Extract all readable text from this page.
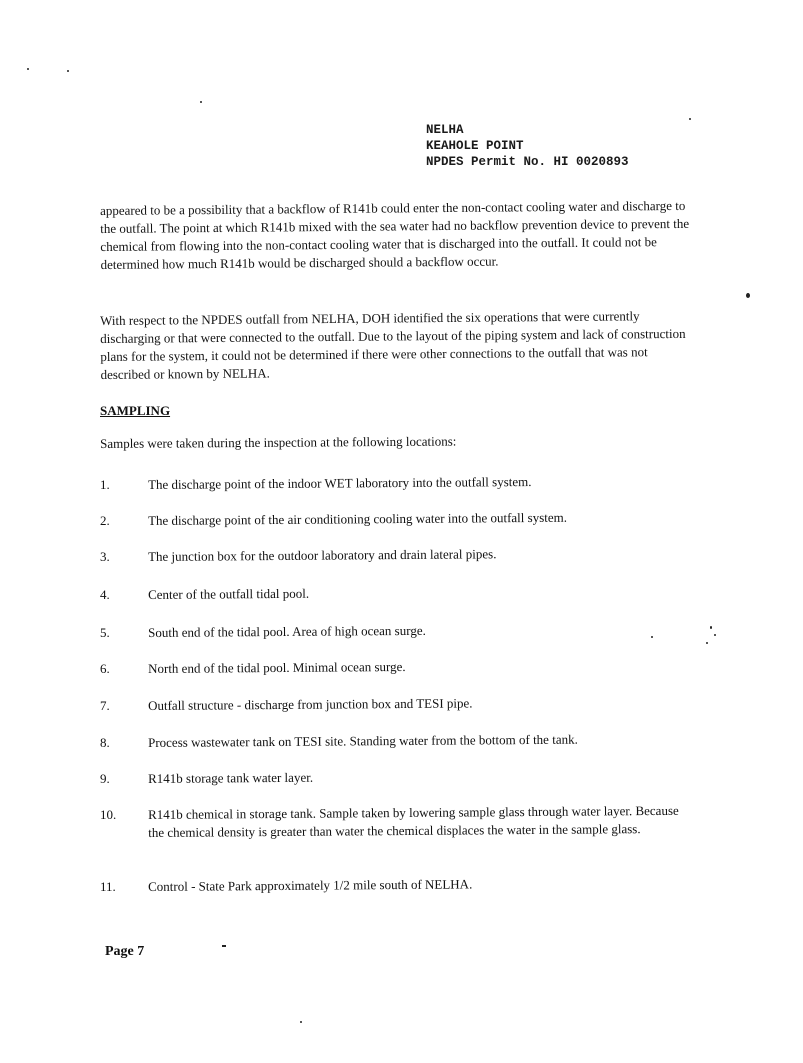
NELHA
KEAHOLE POINT
NPDES Permit No. HI 0020893
appeared to be a possibility that a backflow of R141b could enter the non-contact cooling water and discharge to the outfall. The point at which R141b mixed with the sea water had no backflow prevention device to prevent the chemical from flowing into the non-contact cooling water that is discharged into the outfall. It could not be determined how much R141b would be discharged should a backflow occur.
With respect to the NPDES outfall from NELHA, DOH identified the six operations that were currently discharging or that were connected to the outfall. Due to the layout of the piping system and lack of construction plans for the system, it could not be determined if there were other connections to the outfall that was not described or known by NELHA.
SAMPLING
Samples were taken during the inspection at the following locations:
1.	The discharge point of the indoor WET laboratory into the outfall system.
2.	The discharge point of the air conditioning cooling water into the outfall system.
3.	The junction box for the outdoor laboratory and drain lateral pipes.
4.	Center of the outfall tidal pool.
5.	South end of the tidal pool. Area of high ocean surge.
6.	North end of the tidal pool. Minimal ocean surge.
7.	Outfall structure - discharge from junction box and TESI pipe.
8.	Process wastewater tank on TESI site. Standing water from the bottom of the tank.
9.	R141b storage tank water layer.
10.	R141b chemical in storage tank. Sample taken by lowering sample glass through water layer. Because the chemical density is greater than water the chemical displaces the water in the sample glass.
11.	Control - State Park approximately 1/2 mile south of NELHA.
Page 7
